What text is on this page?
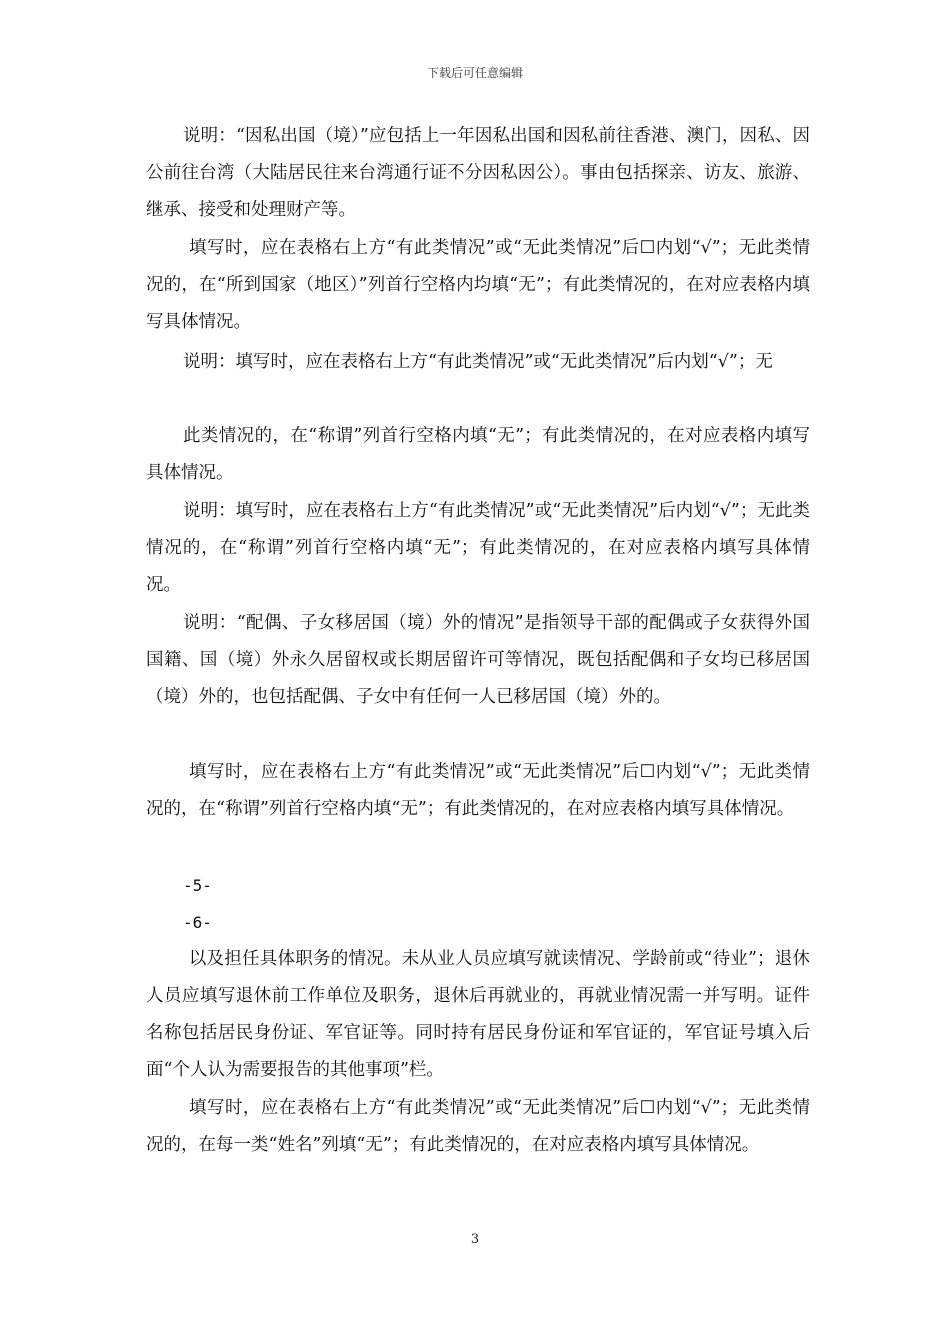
下载后可任意编辑

说明：“因私出国（境）”应包括上一年因私出国和因私前往香港、澳门，因私、因公前往台湾（大陆居民往来台湾通行证不分因私因公）。事由包括探亲、访友、旅游、继承、接受和处理财产等。

填写时，应在表格右上方“有此类情况”或“无此类情况”后☐内划“√”；无此类情况的，在“所到国家（地区）”列首行空格内均填“无”；有此类情况的，在对应表格内填写具体情况。

说明：填写时，应在表格右上方“有此类情况”或“无此类情况”后内划“√”；无

此类情况的，在“称谓”列首行空格内填“无”；有此类情况的，在对应表格内填写具体情况。

说明：填写时，应在表格右上方“有此类情况”或“无此类情况”后内划“√”；无此类情况的，在“称谓”列首行空格内填“无”；有此类情况的，在对应表格内填写具体情况。

说明：“配偶、子女移居国（境）外的情况”是指领导干部的配偶或子女获得外国国籍、国（境）外永久居留权或长期居留许可等情况，既包括配偶和子女均已移居国（境）外的，也包括配偶、子女中有任何一人已移居国（境）外的。

填写时，应在表格右上方“有此类情况”或“无此类情况”后☐内划“√”；无此类情况的，在“称谓”列首行空格内填“无”；有此类情况的，在对应表格内填写具体情况。

-5-
-6-

以及担任具体职务的情况。未从业人员应填写就读情况、学龄前或“待业”；退休人员应填写退休前工作单位及职务，退休后再就业的，再就业情况需一并写明。证件名称包括居民身份证、军官证等。同时持有居民身份证和军官证的，军官证号填入后面“个人认为需要报告的其他事项”栏。

填写时，应在表格右上方“有此类情况”或“无此类情况”后☐内划“√”；无此类情况的，在每一类“姓名”列填“无”；有此类情况的，在对应表格内填写具体情况。

3
